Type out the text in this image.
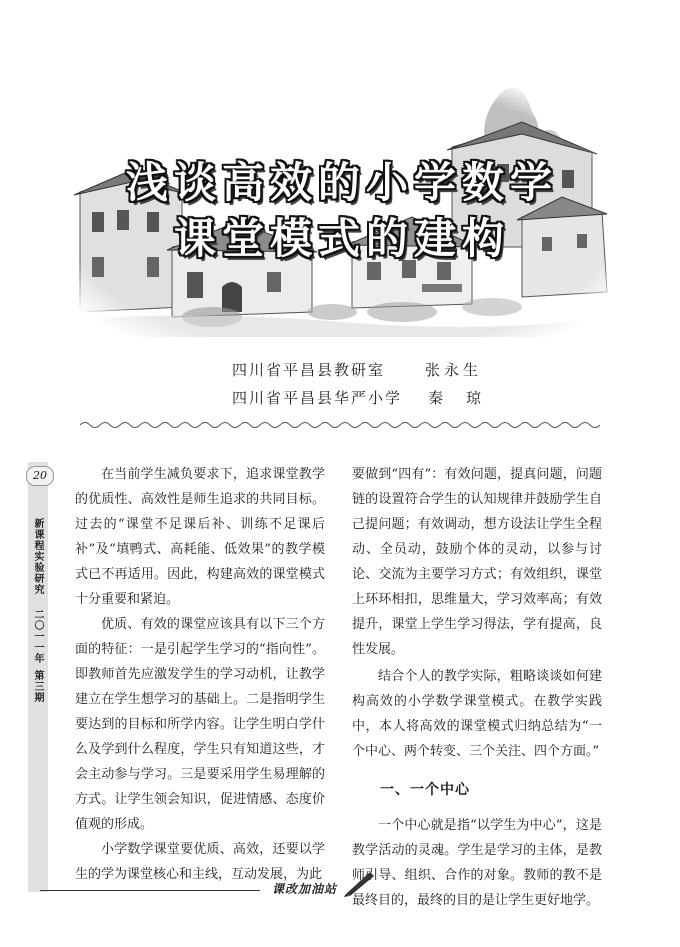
浅谈高效的小学数学
课堂模式的建构
四川省平昌县教研室	张永生
四川省平昌县华严小学 秦　琼
20
新课程实验研究
二〇一一年
第三期

在当前学生减负要求下，追求课堂教学的优质性、高效性是师生追求的共同目标。过去的“课堂不足课后补、训练不足课后补”及“填鸭式、高耗能、低效果”的教学模式已不再适用。因此，构建高效的课堂模式十分重要和紧迫。

优质、有效的课堂应该具有以下三个方面的特征：一是引起学生学习的“指向性”。即教师首先应激发学生的学习动机，让教学建立在学生想学习的基础上。二是指明学生要达到的目标和所学内容。让学生明白学什么及学到什么程度，学生只有知道这些，才会主动参与学习。三是要采用学生易理解的方式。让学生领会知识，促进情感、态度价值观的形成。

小学数学课堂要优质、高效，还要以学生的学为课堂核心和主线，互动发展，为此

要做到“四有”：有效问题，提真问题，问题链的设置符合学生的认知规律并鼓励学生自己提问题；有效调动，想方设法让学生全程动、全员动，鼓励个体的灵动，以参与讨论、交流为主要学习方式；有效组织，课堂上环环相扣，思维量大，学习效率高；有效提升，课堂上学生学习得法，学有提高，良性发展。

结合个人的教学实际，粗略谈谈如何建构高效的小学数学课堂模式。在教学实践中，本人将高效的课堂模式归纳总结为“一个中心、两个转变、三个关注、四个方面。”

一、一个中心

一个中心就是指“以学生为中心”，这是教学活动的灵魂。学生是学习的主体，是教师引导、组织、合作的对象。教师的教不是最终目的，最终的目的是让学生更好地学。

课改加油站
